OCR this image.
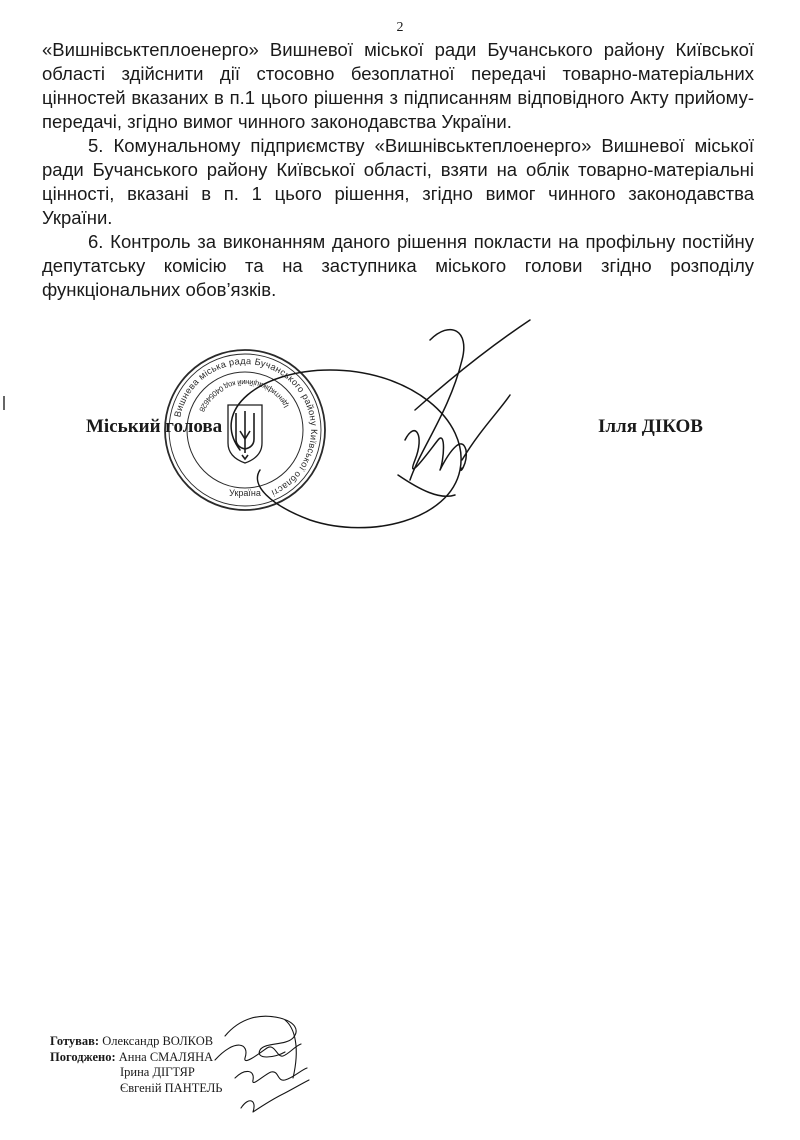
2

«Вишнівськтеплоенерго» Вишневої міської ради Бучанського району Київської області здійснити дії стосовно безоплатної передачі товарно-матеріальних цінностей вказаних в п.1 цього рішення з підписанням відповідного Акту прийому-передачі, згідно вимог чинного законодавства України.

5. Комунальному підприємству «Вишнівськтеплоенерго» Вишневої міської ради Бучанського району Київської області, взяти на облік товарно-матеріальні цінності, вказані в п. 1 цього рішення, згідно вимог чинного законодавства України.

6. Контроль за виконанням даного рішення покласти на профільну постійну депутатську комісію та на заступника міського голови згідно розподілу функціональних обов’язків.

Міський голова	Ілля ДІКОВ
Вишнева міська рада Бучанського району Київської області
Ідентифікаційний код 04054628
Україна
Готував: Олександр ВОЛКОВ
Погоджено: Анна СМАЛЯНА
Ірина ДІГТЯР
Євгеній ПАНТЕЛЬ
